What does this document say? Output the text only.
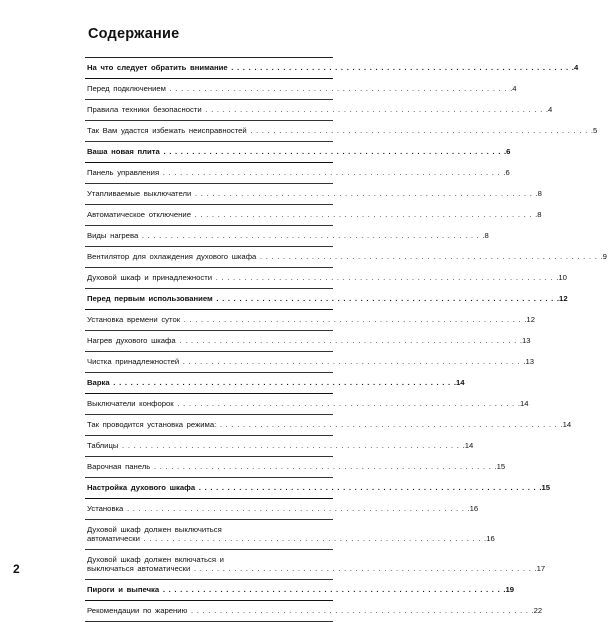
Содержание
На что следует обратить внимание . . . . . . . . . . . . . . . . . . . . . . . . . . . . . . . . . . . . . . . . . . . . . . . . . . . . . . . . . . . . 4
Перед подключением . . . . . . . . . . . . . . . . . . . . . . . . . . . . . . . . . . . . . . . . . . . . . . . . . . . . . . . . . . . . 4
Правила техники безопасности . . . . . . . . . . . . . . . . . . . . . . . . . . . . . . . . . . . . . . . . . . . . . . . . . . . . . . . . . . . . 4
Так Вам удастся избежать неисправностей . . . . . . . . . . . . . . . . . . . . . . . . . . . . . . . . . . . . . . . . . . . . . . . . . . . . . . . . . . . . 5
Ваша новая плита . . . . . . . . . . . . . . . . . . . . . . . . . . . . . . . . . . . . . . . . . . . . . . . . . . . . . . . . . . . . 6
Панель управления . . . . . . . . . . . . . . . . . . . . . . . . . . . . . . . . . . . . . . . . . . . . . . . . . . . . . . . . . . . . 6
Утапливаемые выключатели . . . . . . . . . . . . . . . . . . . . . . . . . . . . . . . . . . . . . . . . . . . . . . . . . . . . . . . . . . . . 8
Автоматическое отключение . . . . . . . . . . . . . . . . . . . . . . . . . . . . . . . . . . . . . . . . . . . . . . . . . . . . . . . . . . . . 8
Виды нагрева . . . . . . . . . . . . . . . . . . . . . . . . . . . . . . . . . . . . . . . . . . . . . . . . . . . . . . . . . . . . 8
Вентилятор для охлаждения духового шкафа . . . . . . . . . . . . . . . . . . . . . . . . . . . . . . . . . . . . . . . . . . . . . . . . . . . . . . . . . . . . 9
Духовой шкаф и принадлежности . . . . . . . . . . . . . . . . . . . . . . . . . . . . . . . . . . . . . . . . . . . . . . . . . . . . . . . . . . . . 10
Перед первым использованием . . . . . . . . . . . . . . . . . . . . . . . . . . . . . . . . . . . . . . . . . . . . . . . . . . . . . . . . . . . . 12
Установка времени суток . . . . . . . . . . . . . . . . . . . . . . . . . . . . . . . . . . . . . . . . . . . . . . . . . . . . . . . . . . . . 12
Нагрев духового шкафа . . . . . . . . . . . . . . . . . . . . . . . . . . . . . . . . . . . . . . . . . . . . . . . . . . . . . . . . . . . . 13
Чистка принадлежностей . . . . . . . . . . . . . . . . . . . . . . . . . . . . . . . . . . . . . . . . . . . . . . . . . . . . . . . . . . . . 13
Варка . . . . . . . . . . . . . . . . . . . . . . . . . . . . . . . . . . . . . . . . . . . . . . . . . . . . . . . . . . . . 14
Выключатели конфорок . . . . . . . . . . . . . . . . . . . . . . . . . . . . . . . . . . . . . . . . . . . . . . . . . . . . . . . . . . . . 14
Так проводится установка режима: . . . . . . . . . . . . . . . . . . . . . . . . . . . . . . . . . . . . . . . . . . . . . . . . . . . . . . . . . . . . 14
Таблицы . . . . . . . . . . . . . . . . . . . . . . . . . . . . . . . . . . . . . . . . . . . . . . . . . . . . . . . . . . . . 14
Варочная панель . . . . . . . . . . . . . . . . . . . . . . . . . . . . . . . . . . . . . . . . . . . . . . . . . . . . . . . . . . . . 15
Настройка духового шкафа . . . . . . . . . . . . . . . . . . . . . . . . . . . . . . . . . . . . . . . . . . . . . . . . . . . . . . . . . . . . 15
Установка . . . . . . . . . . . . . . . . . . . . . . . . . . . . . . . . . . . . . . . . . . . . . . . . . . . . . . . . . . . . 16
Духовой шкаф должен выключиться
автоматически . . . . . . . . . . . . . . . . . . . . . . . . . . . . . . . . . . . . . . . . . . . . . . . . . . . . . . . . . . . . 16
Духовой шкаф должен включаться и
выключаться автоматически . . . . . . . . . . . . . . . . . . . . . . . . . . . . . . . . . . . . . . . . . . . . . . . . . . . . . . . . . . . . 17
Пироги и выпечка . . . . . . . . . . . . . . . . . . . . . . . . . . . . . . . . . . . . . . . . . . . . . . . . . . . . . . . . . . . . 19
Рекомендации по жарению . . . . . . . . . . . . . . . . . . . . . . . . . . . . . . . . . . . . . . . . . . . . . . . . . . . . . . . . . . . . 22
2
